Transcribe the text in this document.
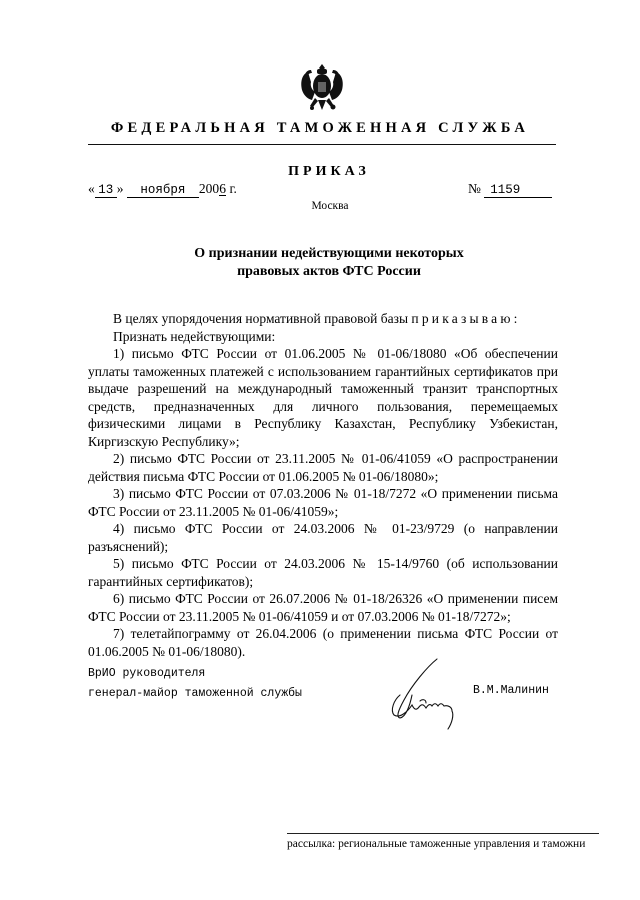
ФЕДЕРАЛЬНАЯ ТАМОЖЕННАЯ СЛУЖБА
ПРИКАЗ
« 13 » ноября 2006 г.	№ 1159
Москва
О признании недействующими некоторых
правовых актов ФТС России

В целях упорядочения нормативной правовой базы приказываю:

Признать недействующими:

1) письмо ФТС России от 01.06.2005 № 01-06/18080 «Об обеспечении уплаты таможенных платежей с использованием гарантийных сертификатов при выдаче разрешений на международный таможенный транзит транспортных средств, предназначенных для личного пользования, перемещаемых физическими лицами в Республику Казахстан, Республику Узбекистан, Киргизскую Республику»;

2) письмо ФТС России от 23.11.2005 № 01-06/41059 «О распространении действия письма ФТС России от 01.06.2005 № 01-06/18080»;

3) письмо ФТС России от 07.03.2006 № 01-18/7272 «О применении письма ФТС России от 23.11.2005 № 01-06/41059»;

4) письмо ФТС России от 24.03.2006 № 01-23/9729 (о направлении разъяснений);

5) письмо ФТС России от 24.03.2006 № 15-14/9760 (об использовании гарантийных сертификатов);

6) письмо ФТС России от 26.07.2006 № 01-18/26326 «О применении писем ФТС России от 23.11.2005 № 01-06/41059 и от 07.03.2006 № 01-18/7272»;

7) телетайпограмму от 26.04.2006 (о применении письма ФТС России от 01.06.2005 № 01-06/18080).

ВрИО руководителя
генерал-майор таможенной службы	В.М.Малинин
рассылка: региональные таможенные управления и таможни
